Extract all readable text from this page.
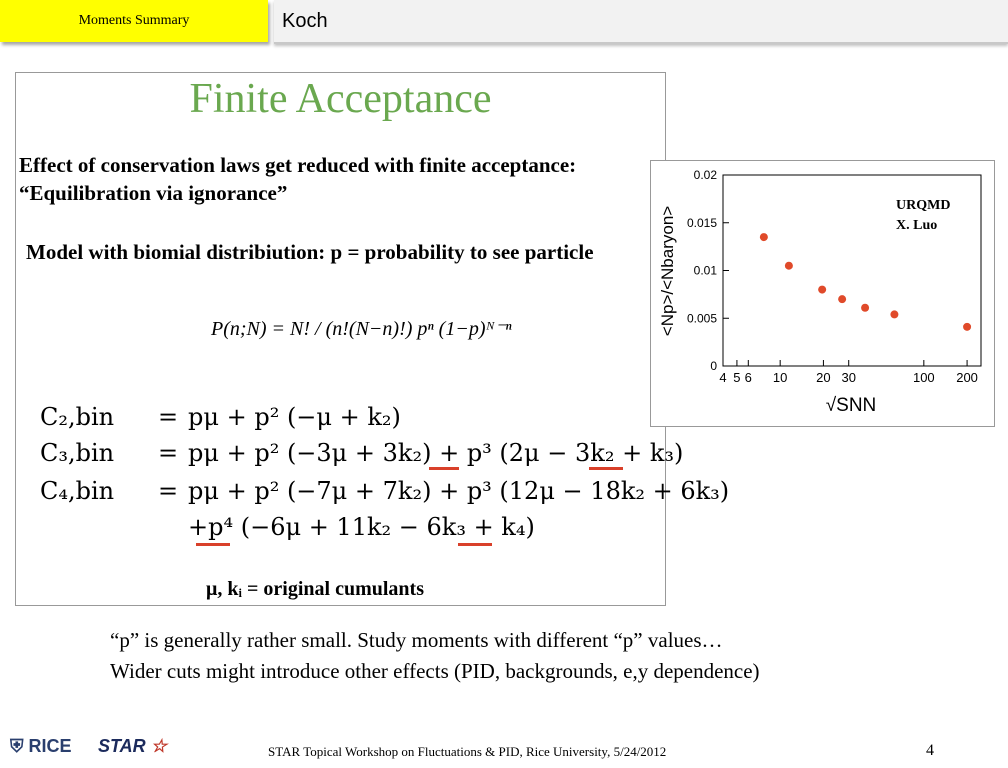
Moments Summary	Koch
Finite Acceptance
Effect of conservation laws get reduced with finite acceptance:
“Equilibration via ignorance”
Model with biomial distribiution: p = probability to see particle
P(n;N) = N! / (n!(N−n)!) pⁿ (1−p)ᴺ⁻ⁿ
C₂,bin = pμ + p² (−μ + k₂)
C₃,bin = pμ + p² (−3μ + 3k₂) + p³ (2μ − 3k₂ + k₃)
C₄,bin = pμ + p² (−7μ + 7k₂) + p³ (12μ − 18k₂ + 6k₃)
+p⁴ (−6μ + 11k₂ − 6k₃ + k₄)
μ, kᵢ = original cumulants
0
0.005
0.01
0.015
0.02
4 5 6 10 20 30	100 200
URQMD
X. Luo
<Np>/<Nbaryon>
√SNN
“p” is generally rather small. Study moments with different “p” values…
Wider cuts might introduce other effects (PID, backgrounds, e,y dependence)
⛨ RICE STAR ☆	STAR Topical Workshop on Fluctuations & PID, Rice University, 5/24/2012	4
